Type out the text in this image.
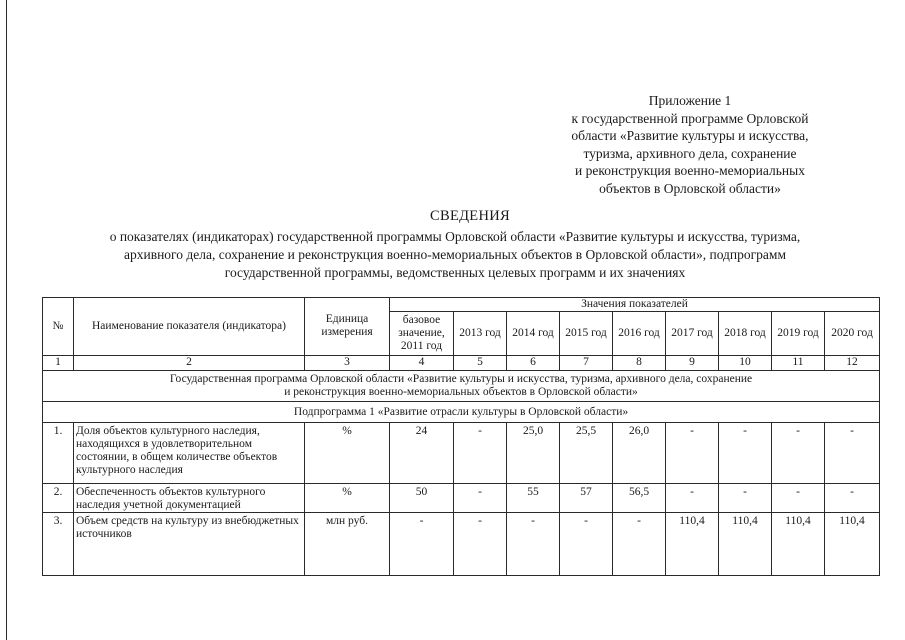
Приложение 1
к государственной программе Орловской
области «Развитие культуры и искусства,
туризма, архивного дела, сохранение
и реконструкция военно-мемориальных
объектов в Орловской области»
СВЕДЕНИЯ
о показателях (индикаторах) государственной программы Орловской области «Развитие культуры и искусства, туризма,
архивного дела, сохранение и реконструкция военно-мемориальных объектов в Орловской области», подпрограмм
государственной программы, ведомственных целевых программ и их значениях
№	Наименование показателя (индикатора)	Единица измерения	Значения показателей								
			базовое значение, 2011 год	2013 год	2014 год	2015 год	2016 год	2017 год	2018 год	2019 год	2020 год
1	2	3	4	5	6	7	8	9	10	11	12

Государственная программа Орловской области «Развитие культуры и искусства, туризма, архивного дела, сохранение
и реконструкция военно-мемориальных объектов в Орловской области»											

Подпрограмма 1 «Развитие отрасли культуры в Орловской области»											
1.	Доля объектов культурного наследия, находящихся в удовлетворительном состоянии, в общем количестве объектов культурного наследия	%	24	-	25,0	25,5	26,0	-	-	-	-
2.	Обеспеченность объектов культурного наследия учетной документацией	%	50	-	55	57	56,5	-	-	-	-
3.	Объем средств на культуру из внебюджетных источников	млн руб.	-	-	-	-	-	110,4	110,4	110,4	110,4
